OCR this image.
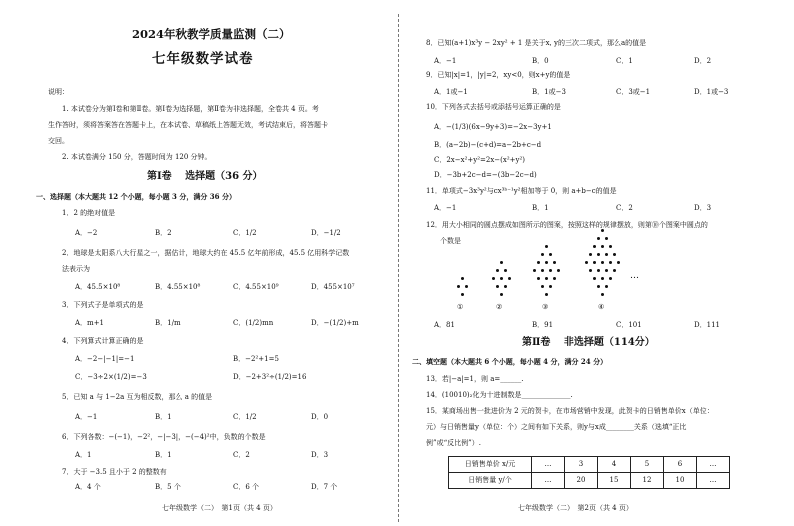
2024年秋教学质量监测（二）
七年级数学试卷
说明：
1. 本试卷分为第Ⅰ卷和第Ⅱ卷。第Ⅰ卷为选择题，第Ⅱ卷为非选择题，全卷共 4 页。考
生作答时，须将答案答在答题卡上，在本试卷、草稿纸上答题无效，考试结束后，将答题卡
交回。
2. 本试卷满分 150 分，答题时间为 120 分钟。
第Ⅰ卷　 选择题（36 分）
一、选择题（本大题共 12 个小题，每小题 3 分，满分 36 分）
1．2 的绝对值是
A．−2	B．2	C．1/2	D．−1/2
2．地球是太阳系八大行星之一，据估计，地球大约在 45.5 亿年前形成，45.5 亿用科学记数
法表示为
A．45.5×10⁸	B．4.55×10⁸	C．4.55×10⁹	D．455×10⁷
3．下列式子是单项式的是
A．m+1	B．1/m	C．(1/2)mn	D．−(1/2)+m
4．下列算式计算正确的是
A．−2−|−1|=−1	B．−2²+1=5
C．−3÷2×(1/2)=−3	D．−2+3²÷(1/2)=16
5．已知 a 与 1−2a 互为相反数，那么 a 的值是
A．−1	B．1	C．1/2	D．0
6．下列各数：−(−1)，−2²，−|−3|，−(−4)²中，负数的个数是
A．1	B．1	C．2	D．3
7．大于 −3.5 且小于 2 的整数有
A．4 个	B．5 个	C．6 个	D．7 个
七年级数学（二）　第1页（共 4 页）
8．已知(a+1)x³y − 2xy² + 1 是关于x, y的三次二项式，那么a的值是
A．−1	B．0	C．1	D．2
9．已知|x|=1，|y|=2，xy<0，则x+y的值是
A．1或−1	B．1或−3	C．3或−1	D．1或−3
10．下列各式去括号或添括号运算正确的是
A．−(1/3)(6x−9y+3)=−2x−3y+1
B．(a−2b)−(c+d)=a−2b+c−d
C．2x−x²+y²=2x−(x²+y²)
D．−3b+2c−d=−(3b−2c−d)
11．单项式−3x³y²与cx³ᵇ⁻¹y²相加等于 0，则 a+b−c的值是
A．−1	B．1	C．2	D．3
12．用大小相同的圆点摆成如图所示的图案，按照这样的规律摆放，则第⑩个图案中圆点的
个数是
①	②	③	④
…
A．81	B．91	C．101	D．111
第Ⅱ卷　 非选择题（114分）
二、填空题（本大题共 6 个小题，每小题 4 分，满分 24 分）
13．若|−a|=1，则 a=______.
14．(10010)₂化为十进制数是______________.
15．某商场出售一批进价为 2 元的贺卡，在市场营销中发现，此贺卡的日销售单价x（单位：
元）与日销售量y（单位：个）之间有如下关系，则y与x成________关系（选填“正比
例”或“反比例”）.
日销售单价 x/元	…	3	4	5	6	…
日销售量 y/个	…	20	15	12	10	…
七年级数学（二）　第2页（共 4 页）
